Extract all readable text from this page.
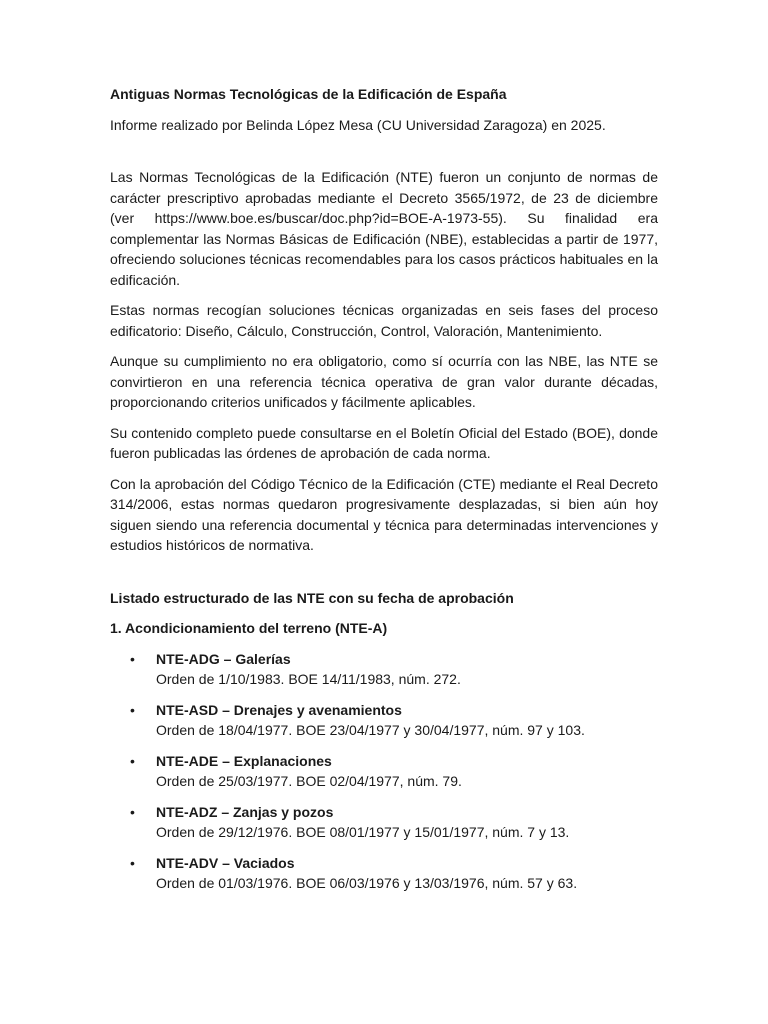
Antiguas Normas Tecnológicas de la Edificación de España
Informe realizado por Belinda López Mesa (CU Universidad Zaragoza) en 2025.
Las Normas Tecnológicas de la Edificación (NTE) fueron un conjunto de normas de carácter prescriptivo aprobadas mediante el Decreto 3565/1972, de 23 de diciembre (ver https://www.boe.es/buscar/doc.php?id=BOE-A-1973-55). Su finalidad era complementar las Normas Básicas de Edificación (NBE), establecidas a partir de 1977, ofreciendo soluciones técnicas recomendables para los casos prácticos habituales en la edificación.
Estas normas recogían soluciones técnicas organizadas en seis fases del proceso edificatorio: Diseño, Cálculo, Construcción, Control, Valoración, Mantenimiento.
Aunque su cumplimiento no era obligatorio, como sí ocurría con las NBE, las NTE se convirtieron en una referencia técnica operativa de gran valor durante décadas, proporcionando criterios unificados y fácilmente aplicables.
Su contenido completo puede consultarse en el Boletín Oficial del Estado (BOE), donde fueron publicadas las órdenes de aprobación de cada norma.
Con la aprobación del Código Técnico de la Edificación (CTE) mediante el Real Decreto 314/2006, estas normas quedaron progresivamente desplazadas, si bien aún hoy siguen siendo una referencia documental y técnica para determinadas intervenciones y estudios históricos de normativa.
Listado estructurado de las NTE con su fecha de aprobación
1. Acondicionamiento del terreno (NTE-A)
• NTE-ADG – Galerías
Orden de 1/10/1983. BOE 14/11/1983, núm. 272.
• NTE-ASD – Drenajes y avenamientos
Orden de 18/04/1977. BOE 23/04/1977 y 30/04/1977, núm. 97 y 103.
• NTE-ADE – Explanaciones
Orden de 25/03/1977. BOE 02/04/1977, núm. 79.
• NTE-ADZ – Zanjas y pozos
Orden de 29/12/1976. BOE 08/01/1977 y 15/01/1977, núm. 7 y 13.
• NTE-ADV – Vaciados
Orden de 01/03/1976. BOE 06/03/1976 y 13/03/1976, núm. 57 y 63.
